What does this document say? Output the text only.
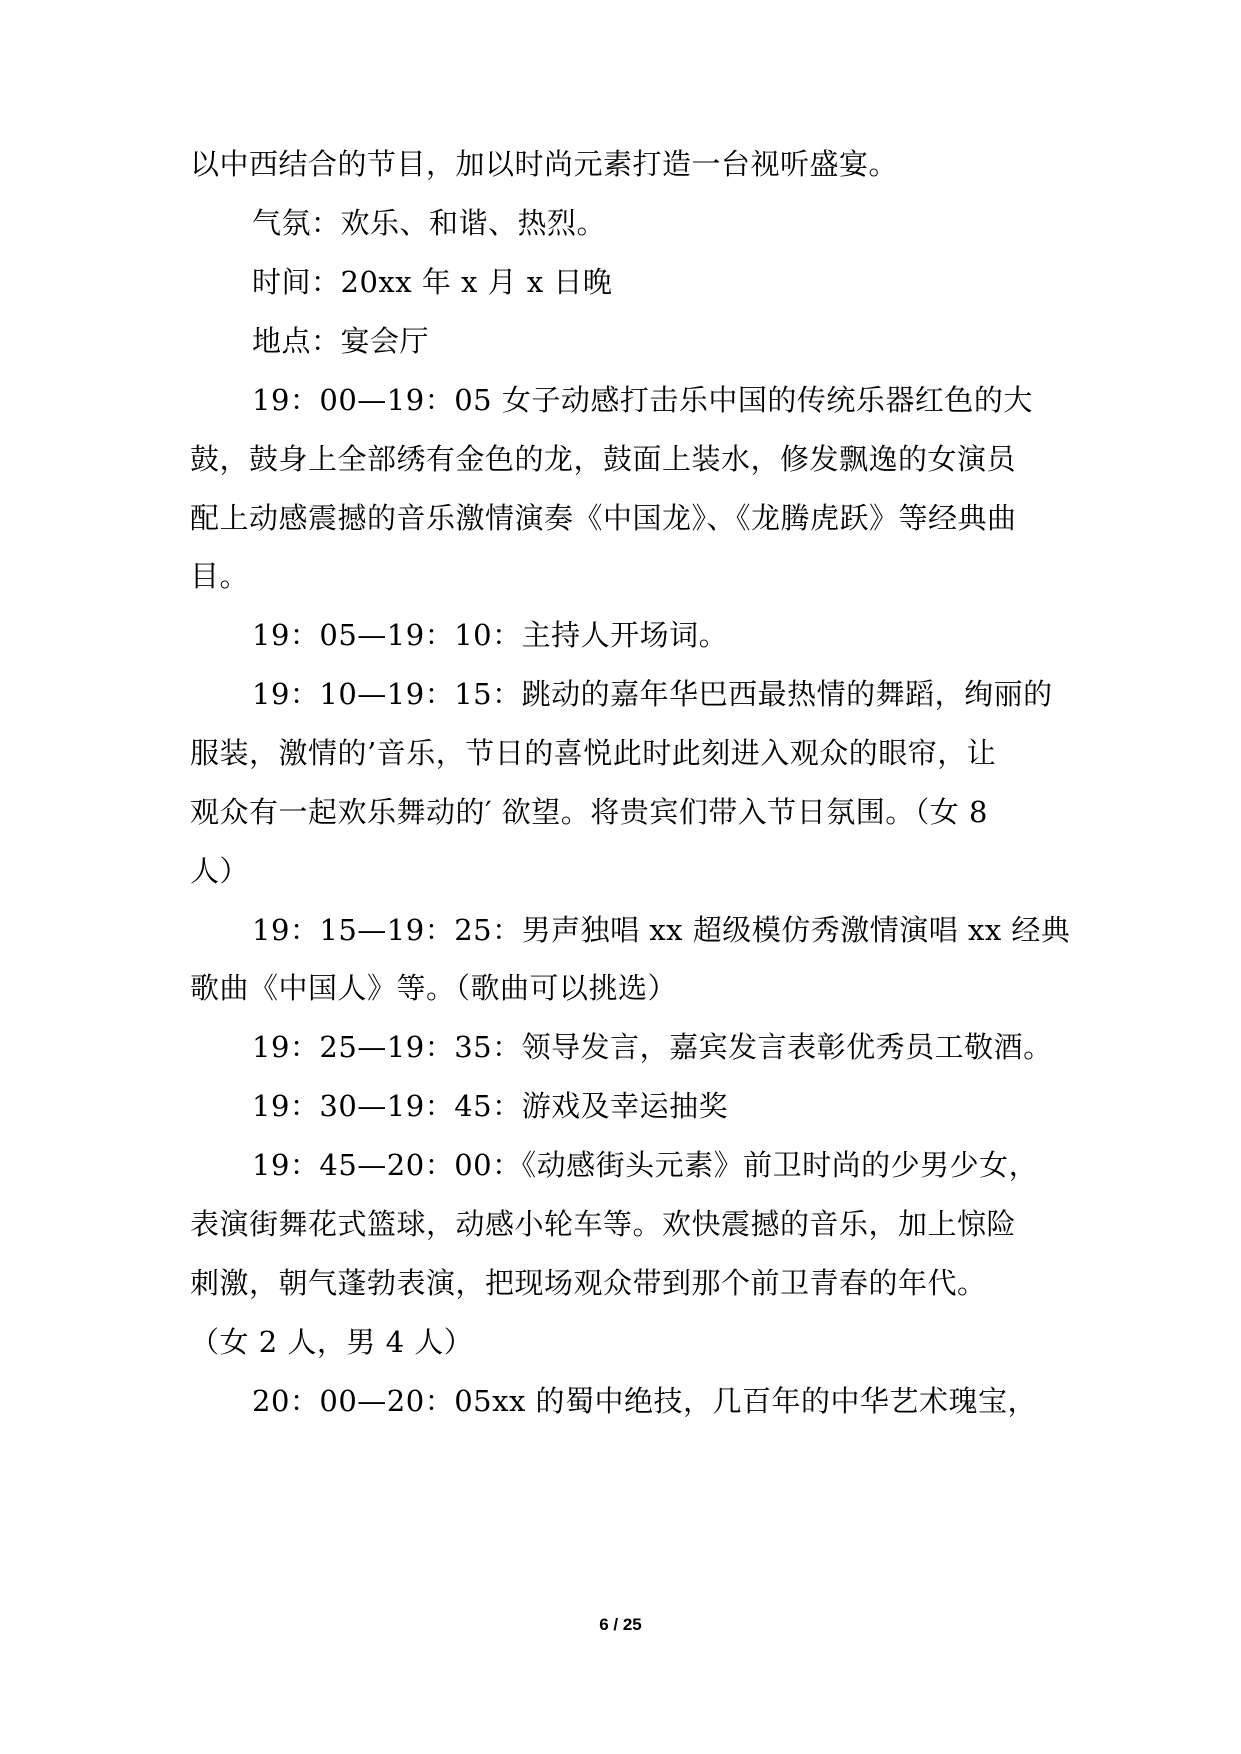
以中西结合的节目，加以时尚元素打造一台视听盛宴。
气氛：欢乐、和谐、热烈。
时间：20xx 年 x 月 x 日晚
地点：宴会厅
19：00—19：05 女子动感打击乐中国的传统乐器红色的大
鼓，鼓身上全部绣有金色的龙，鼓面上装水，修发飘逸的女演员
配上动感震撼的音乐激情演奏《中国龙》、《龙腾虎跃》等经典曲
目。
19：05—19：10：主持人开场词。
19：10—19：15：跳动的嘉年华巴西最热情的舞蹈，绚丽的
服装，激情的’音乐，节日的喜悦此时此刻进入观众的眼帘，让
观众有一起欢乐舞动的′ 欲望。将贵宾们带入节日氛围。（女 8
人）
19：15—19：25：男声独唱 xx 超级模仿秀激情演唱 xx 经典
歌曲《中国人》等。（歌曲可以挑选）
19：25—19：35：领导发言，嘉宾发言表彰优秀员工敬酒。
19：30—19：45：游戏及幸运抽奖
19：45—20：00：《动感街头元素》前卫时尚的少男少女，
表演街舞花式篮球，动感小轮车等。欢快震撼的音乐，加上惊险
刺激，朝气蓬勃表演，把现场观众带到那个前卫青春的年代。
（女 2 人，男 4 人）
20：00—20：05xx 的蜀中绝技，几百年的中华艺术瑰宝，
6 / 25
